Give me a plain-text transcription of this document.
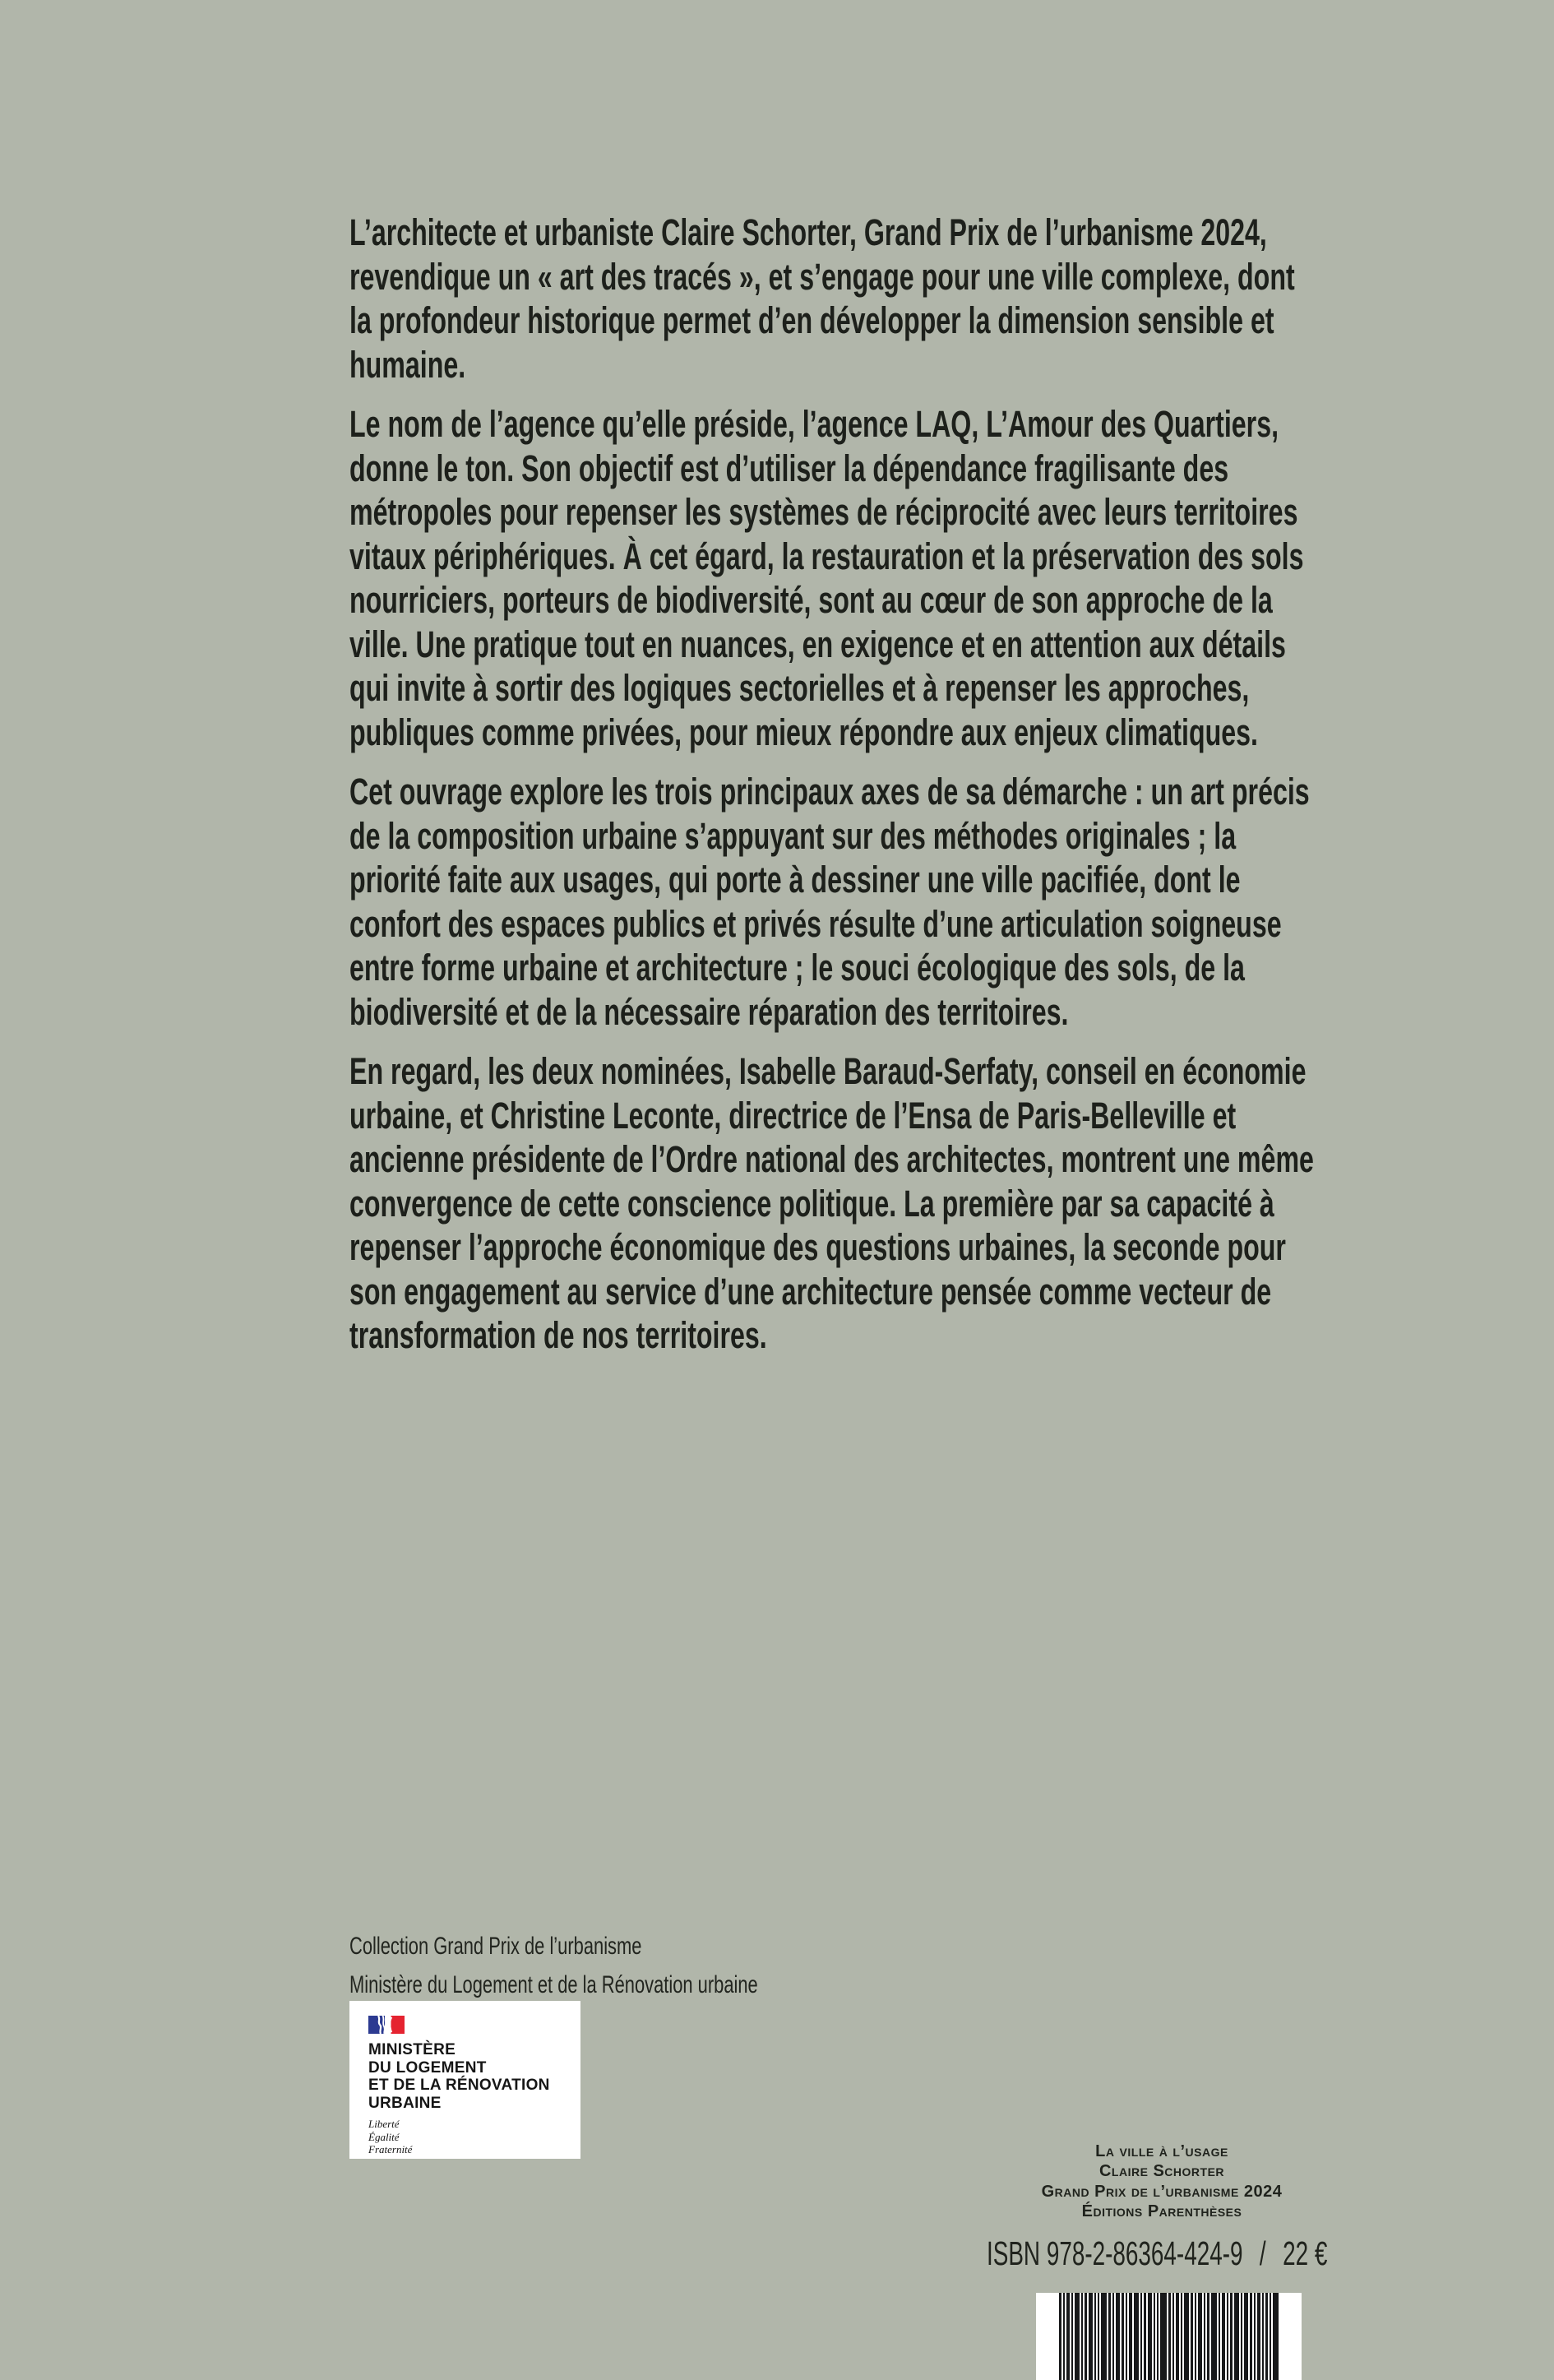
L’architecte et urbaniste Claire Schorter, Grand Prix de l’urbanisme 2024, revendique un « art des tracés », et s’engage pour une ville complexe, dont la profondeur historique permet d’en développer la dimension sensible et humaine.

Le nom de l’agence qu’elle préside, l’agence LAQ, L’Amour des Quartiers, donne le ton. Son objectif est d’utiliser la dépendance fragilisante des métropoles pour repenser les systèmes de réciprocité avec leurs territoires vitaux périphériques. À cet égard, la restauration et la préservation des sols nourriciers, porteurs de biodiversité, sont au cœur de son approche de la ville. Une pratique tout en nuances, en exigence et en attention aux détails qui invite à sortir des logiques sectorielles et à repenser les approches, publiques comme privées, pour mieux répondre aux enjeux climatiques.

Cet ouvrage explore les trois principaux axes de sa démarche : un art précis de la composition urbaine s’appuyant sur des méthodes originales ; la priorité faite aux usages, qui porte à dessiner une ville pacifiée, dont le confort des espaces publics et privés résulte d’une articulation soigneuse entre forme urbaine et architecture ; le souci écologique des sols, de la biodiversité et de la nécessaire réparation des territoires.

En regard, les deux nominées, Isabelle Baraud-Serfaty, conseil en économie urbaine, et Christine Leconte, directrice de l’Ensa de Paris-Belleville et ancienne présidente de l’Ordre national des architectes, montrent une même convergence de cette conscience politique. La première par sa capacité à repenser l’approche économique des questions urbaines, la seconde pour son engagement au service d’une architecture pensée comme vecteur de transformation de nos territoires.

Collection Grand Prix de l’urbanisme
Ministère du Logement et de la Rénovation urbaine
MINISTÈRE
DU LOGEMENT
ET DE LA RÉNOVATION
URBAINE
Liberté
Égalité
Fraternité	La ville à l’usage
Claire Schorter
Grand Prix de l’urbanisme 2024
Éditions Parenthèses
ISBN 978-2-86364-424-9 / 22 €
